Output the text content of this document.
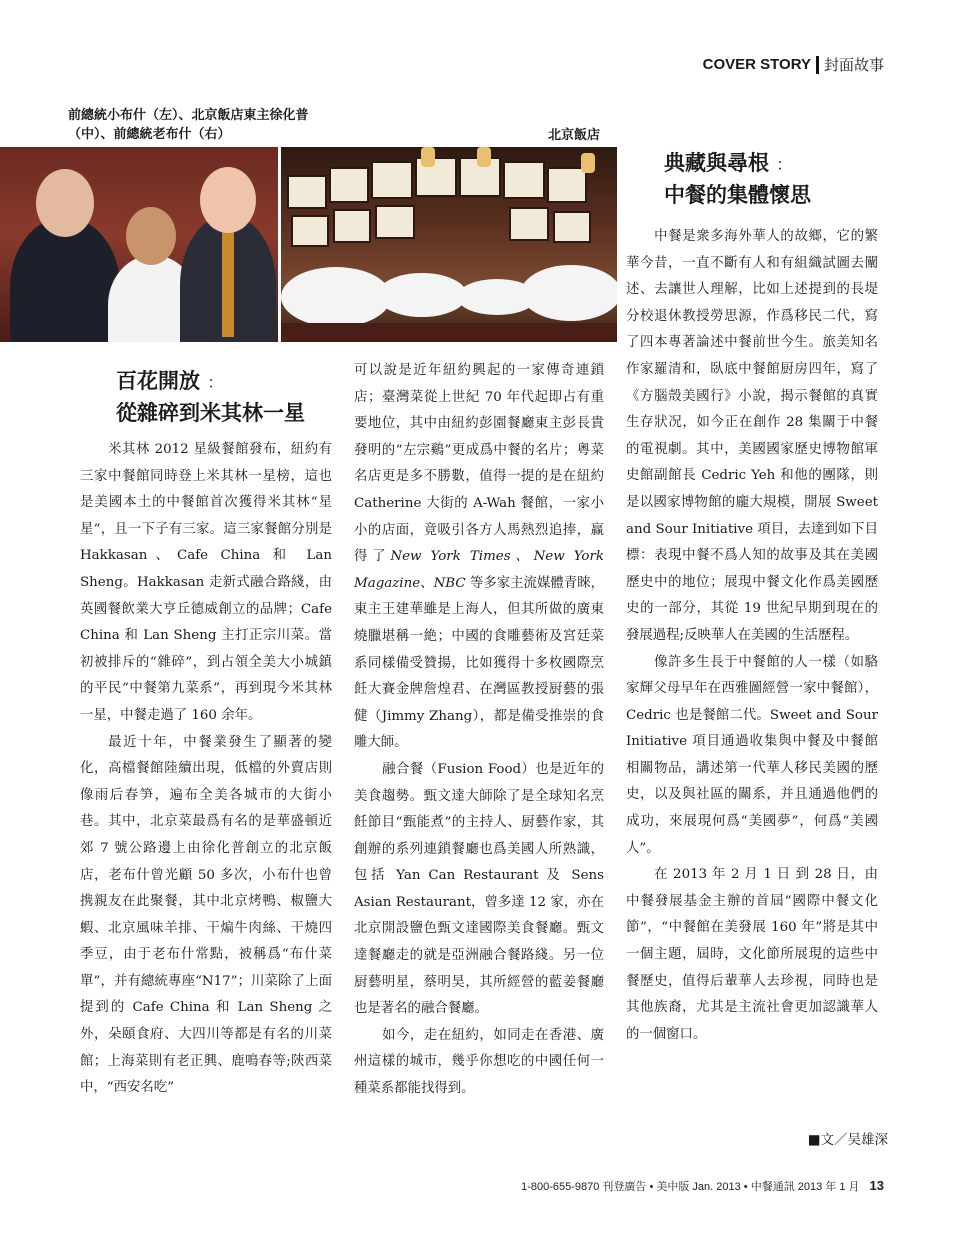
COVER STORY 封面故事
前總統小布什（左）、北京飯店東主徐化普（中）、前總統老布什（右）	北京飯店
百花開放 ：
從雜碎到米其林一星
典藏與尋根 ：
中餐的集體懷思

米其林 2012 星級餐館發布，紐約有三家中餐館同時登上米其林一星榜，這也是美國本土的中餐館首次獲得米其林“星星”，且一下子有三家。這三家餐館分別是 Hakkasan、Cafe China 和 Lan Sheng。Hakkasan 走新式融合路綫，由英國餐飲業大亨丘德威創立的品牌；Cafe China 和 Lan Sheng 主打正宗川菜。當初被排斥的“雜碎”，到占領全美大小城鎮的平民“中餐第九菜系”，再到現今米其林一星，中餐走過了 160 余年。

最近十年，中餐業發生了顯著的變化，高檔餐館陸續出現，低檔的外賣店則像雨后春笋，遍布全美各城市的大街小巷。其中，北京菜最爲有名的是華盛頓近郊 7 號公路邊上由徐化普創立的北京飯店，老布什曾光顧 50 多次，小布什也曾携親友在此聚餐，其中北京烤鴨、椒鹽大蝦、北京風味羊排、干煸牛肉絲、干燒四季豆，由于老布什常點，被稱爲“布什菜單”，并有總統專座“N17”；川菜除了上面提到的 Cafe China 和 Lan Sheng 之外，朵頤食府、大四川等都是有名的川菜館；上海菜則有老正興、鹿鳴春等;陝西菜中，“西安名吃”

可以說是近年紐約興起的一家傳奇連鎖店；臺灣菜從上世紀 70 年代起即占有重要地位，其中由紐約彭園餐廳東主彭長貴發明的“左宗鷄”更成爲中餐的名片；粵菜名店更是多不勝數，值得一提的是在紐約 Catherine 大街的 A-Wah 餐館，一家小小的店面，竟吸引各方人馬熱烈追捧，赢得了New York Times、New York Magazine、NBC 等多家主流媒體青睞，東主王建華雖是上海人，但其所做的廣東燒臘堪稱一絶；中國的食雕藝術及宮廷菜系同樣備受贊揚，比如獲得十多枚國際烹飪大賽金牌詹煌君、在灣區教授厨藝的張健（Jimmy Zhang），都是備受推崇的食雕大師。

融合餐（Fusion Food）也是近年的美食趨勢。甄文達大師除了是全球知名烹飪節目“甄能煮”的主持人、厨藝作家，其創辦的系列連鎖餐廳也爲美國人所熟識，包括 Yan Can Restaurant 及 Sens Asian Restaurant，曾多達 12 家，亦在北京開設鹽色甄文達國際美食餐廳。甄文達餐廳走的就是亞洲融合餐路綫。另一位厨藝明星，蔡明昊，其所經營的藍姜餐廳也是著名的融合餐廳。

如今，走在紐約，如同走在香港、廣州這樣的城市，幾乎你想吃的中國任何一種菜系都能找得到。

中餐是衆多海外華人的故鄉，它的繁華今昔，一直不斷有人和有組織試圖去闡述、去讓世人理解，比如上述提到的長堤分校退休教授勞思源，作爲移民二代，寫了四本專著論述中餐前世今生。旅美知名作家羅清和，臥底中餐館厨房四年，寫了《方腦殼美國行》小說，揭示餐館的真實生存狀况，如今正在創作 28 集關于中餐的電視劇。其中，美國國家歷史博物館軍史館副館長 Cedric Yeh 和他的團隊，則是以國家博物館的龐大規模，開展 Sweet and Sour Initiative 項目，去達到如下目標：表現中餐不爲人知的故事及其在美國歷史中的地位；展現中餐文化作爲美國歷史的一部分，其從 19 世紀早期到現在的發展過程;反映華人在美國的生活歷程。

像許多生長于中餐館的人一樣（如駱家輝父母早年在西雅圖經營一家中餐館），Cedric 也是餐館二代。Sweet and Sour Initiative 項目通過收集與中餐及中餐館相關物品，講述第一代華人移民美國的歷史，以及與社區的關系，并且通過他們的成功，來展現何爲“美國夢”，何爲“美國人”。

在 2013 年 2 月 1 日 到 28 日，由中餐發展基金主辦的首屆“國際中餐文化節”，“中餐館在美發展 160 年”將是其中一個主題，屆時，文化節所展現的這些中餐歷史，值得后輩華人去珍視，同時也是其他族裔，尤其是主流社會更加認識華人的一個窗口。

■文／吴雄深
1-800-655-9870 刊登廣告 • 美中版 Jan. 2013 • 中餐通訊 2013 年 1 月 13
